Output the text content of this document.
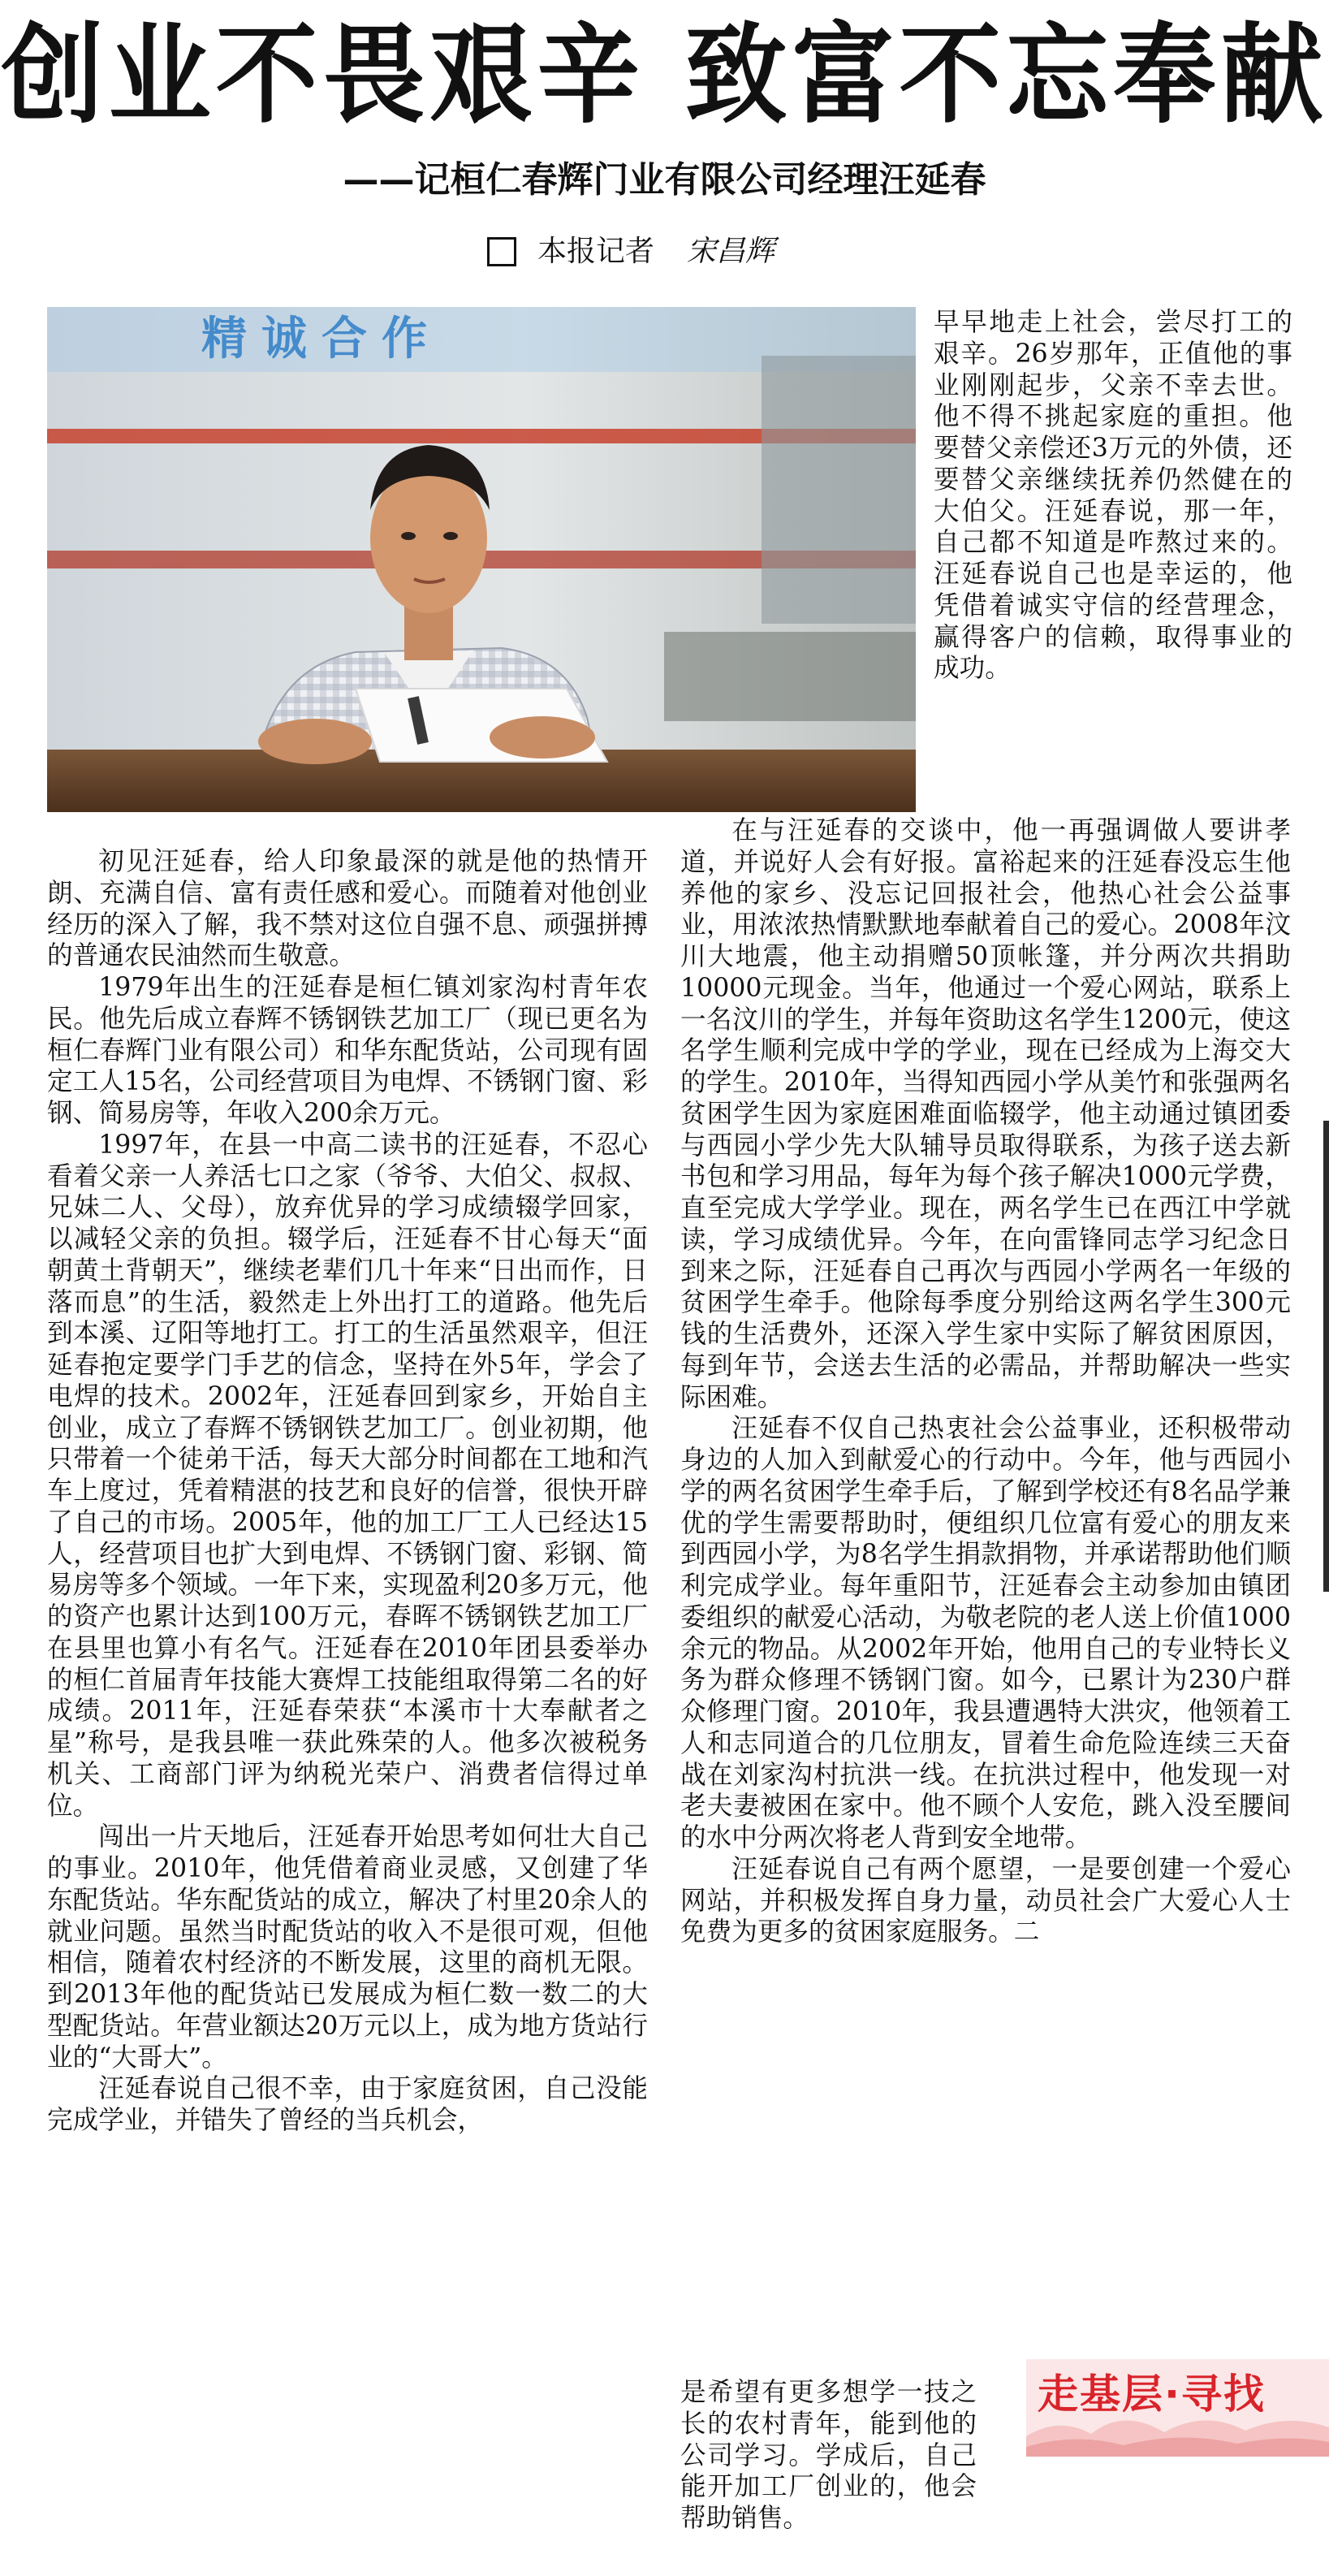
创业不畏艰辛 致富不忘奉献
——记桓仁春辉门业有限公司经理汪延春
本报记者 宋昌辉
精诚合作	早早地走上社会，尝尽打工的艰辛。26岁那年，正值他的事业刚刚起步，父亲不幸去世。他不得不挑起家庭的重担。他要替父亲偿还3万元的外债，还要替父亲继续抚养仍然健在的大伯父。汪延春说，那一年，自己都不知道是咋熬过来的。汪延春说自己也是幸运的，他凭借着诚实守信的经营理念，赢得客户的信赖，取得事业的成功。

初见汪延春，给人印象最深的就是他的热情开朗、充满自信、富有责任感和爱心。而随着对他创业经历的深入了解，我不禁对这位自强不息、顽强拼搏的普通农民油然而生敬意。

1979年出生的汪延春是桓仁镇刘家沟村青年农民。他先后成立春辉不锈钢铁艺加工厂（现已更名为桓仁春辉门业有限公司）和华东配货站，公司现有固定工人15名，公司经营项目为电焊、不锈钢门窗、彩钢、简易房等，年收入200余万元。

1997年，在县一中高二读书的汪延春，不忍心看着父亲一人养活七口之家（爷爷、大伯父、叔叔、兄妹二人、父母），放弃优异的学习成绩辍学回家，以减轻父亲的负担。辍学后，汪延春不甘心每天“面朝黄土背朝天”，继续老辈们几十年来“日出而作，日落而息”的生活，毅然走上外出打工的道路。他先后到本溪、辽阳等地打工。打工的生活虽然艰辛，但汪延春抱定要学门手艺的信念，坚持在外5年，学会了电焊的技术。2002年，汪延春回到家乡，开始自主创业，成立了春辉不锈钢铁艺加工厂。创业初期，他只带着一个徒弟干活，每天大部分时间都在工地和汽车上度过，凭着精湛的技艺和良好的信誉，很快开辟了自己的市场。2005年，他的加工厂工人已经达15人，经营项目也扩大到电焊、不锈钢门窗、彩钢、简易房等多个领域。一年下来，实现盈利20多万元，他的资产也累计达到100万元，春晖不锈钢铁艺加工厂在县里也算小有名气。汪延春在2010年团县委举办的桓仁首届青年技能大赛焊工技能组取得第二名的好成绩。2011年，汪延春荣获“本溪市十大奉献者之星”称号，是我县唯一获此殊荣的人。他多次被税务机关、工商部门评为纳税光荣户、消费者信得过单位。

闯出一片天地后，汪延春开始思考如何壮大自己的事业。2010年，他凭借着商业灵感，又创建了华东配货站。华东配货站的成立，解决了村里20余人的就业问题。虽然当时配货站的收入不是很可观，但他相信，随着农村经济的不断发展，这里的商机无限。到2013年他的配货站已发展成为桓仁数一数二的大型配货站。年营业额达20万元以上，成为地方货站行业的“大哥大”。

汪延春说自己很不幸，由于家庭贫困，自己没能完成学业，并错失了曾经的当兵机会，

在与汪延春的交谈中，他一再强调做人要讲孝道，并说好人会有好报。富裕起来的汪延春没忘生他养他的家乡、没忘记回报社会，他热心社会公益事业，用浓浓热情默默地奉献着自己的爱心。2008年汶川大地震，他主动捐赠50顶帐篷，并分两次共捐助10000元现金。当年，他通过一个爱心网站，联系上一名汶川的学生，并每年资助这名学生1200元，使这名学生顺利完成中学的学业，现在已经成为上海交大的学生。2010年，当得知西园小学从美竹和张强两名贫困学生因为家庭困难面临辍学，他主动通过镇团委与西园小学少先大队辅导员取得联系，为孩子送去新书包和学习用品，每年为每个孩子解决1000元学费，直至完成大学学业。现在，两名学生已在西江中学就读，学习成绩优异。今年，在向雷锋同志学习纪念日到来之际，汪延春自己再次与西园小学两名一年级的贫困学生牵手。他除每季度分别给这两名学生300元钱的生活费外，还深入学生家中实际了解贫困原因，每到年节，会送去生活的必需品，并帮助解决一些实际困难。

汪延春不仅自己热衷社会公益事业，还积极带动身边的人加入到献爱心的行动中。今年，他与西园小学的两名贫困学生牵手后，了解到学校还有8名品学兼优的学生需要帮助时，便组织几位富有爱心的朋友来到西园小学，为8名学生捐款捐物，并承诺帮助他们顺利完成学业。每年重阳节，汪延春会主动参加由镇团委组织的献爱心活动，为敬老院的老人送上价值1000余元的物品。从2002年开始，他用自己的专业特长义务为群众修理不锈钢门窗。如今，已累计为230户群众修理门窗。2010年，我县遭遇特大洪灾，他领着工人和志同道合的几位朋友，冒着生命危险连续三天奋战在刘家沟村抗洪一线。在抗洪过程中，他发现一对老夫妻被困在家中。他不顾个人安危，跳入没至腰间的水中分两次将老人背到安全地带。

汪延春说自己有两个愿望，一是要创建一个爱心网站，并积极发挥自身力量，动员社会广大爱心人士免费为更多的贫困家庭服务。二

是希望有更多想学一技之长的农村青年，能到他的公司学习。学成后，自己能开加工厂创业的，他会帮助销售。

走基层·寻找
